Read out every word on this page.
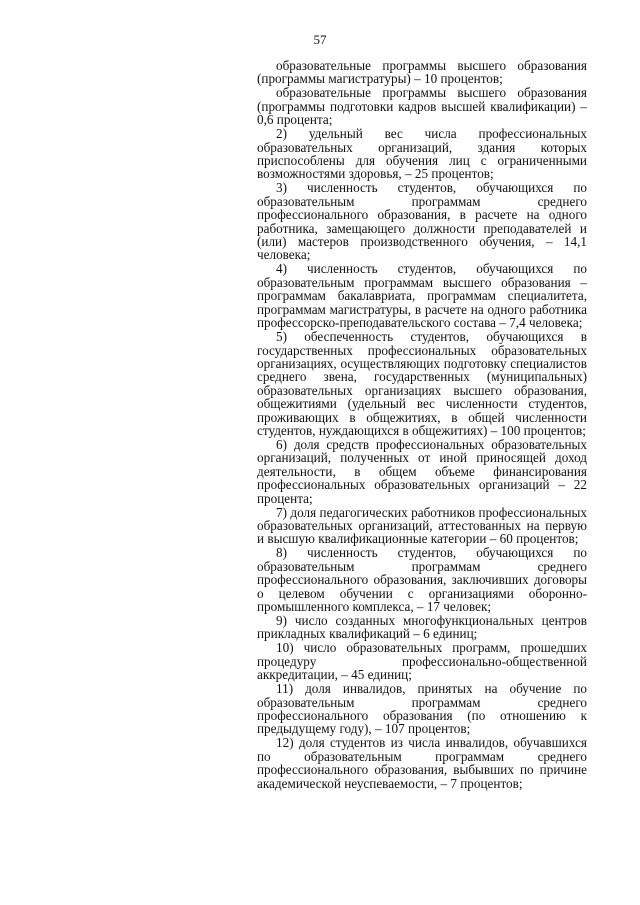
57

образовательные программы высшего образования (программы магистратуры) – 10 процентов;

образовательные программы высшего образования (программы подготовки кадров высшей квалификации) – 0,6 процента;

2) удельный вес числа профессиональных образовательных организаций, здания которых приспособлены для обучения лиц с ограниченными возможностями здоровья, – 25 процентов;

3) численность студентов, обучающихся по образовательным программам среднего профессионального образования, в расчете на одного работника, замещающего должности преподавателей и (или) мастеров производственного обучения, – 14,1 человека;

4) численность студентов, обучающихся по образовательным программам высшего образования – программам бакалавриата, программам специалитета, программам магистратуры, в расчете на одного работника профессорско-преподавательского состава – 7,4 человека;

5) обеспеченность студентов, обучающихся в государственных профессиональных образовательных организациях, осуществляющих подготовку специалистов среднего звена, государственных (муниципальных) образовательных организациях высшего образования, общежитиями (удельный вес численности студентов, проживающих в общежитиях, в общей численности студентов, нуждающихся в общежитиях) – 100 процентов;

6) доля средств профессиональных образовательных организаций, полученных от иной приносящей доход деятельности, в общем объеме финансирования профессиональных образовательных организаций – 22 процента;

7) доля педагогических работников профессиональных образовательных организаций, аттестованных на первую и высшую квалификационные категории – 60 процентов;

8) численность студентов, обучающихся по образовательным программам среднего профессионального образования, заключивших договоры о целевом обучении с организациями оборонно-промышленного комплекса, – 17 человек;

9) число созданных многофункциональных центров прикладных квалификаций – 6 единиц;

10) число образовательных программ, прошедших процедуру профессионально-общественной аккредитации, – 45 единиц;

11) доля инвалидов, принятых на обучение по образовательным программам среднего профессионального образования (по отношению к предыдущему году), – 107 процентов;

12) доля студентов из числа инвалидов, обучавшихся по образовательным программам среднего профессионального образования, выбывших по причине академической неуспеваемости, – 7 процентов;
